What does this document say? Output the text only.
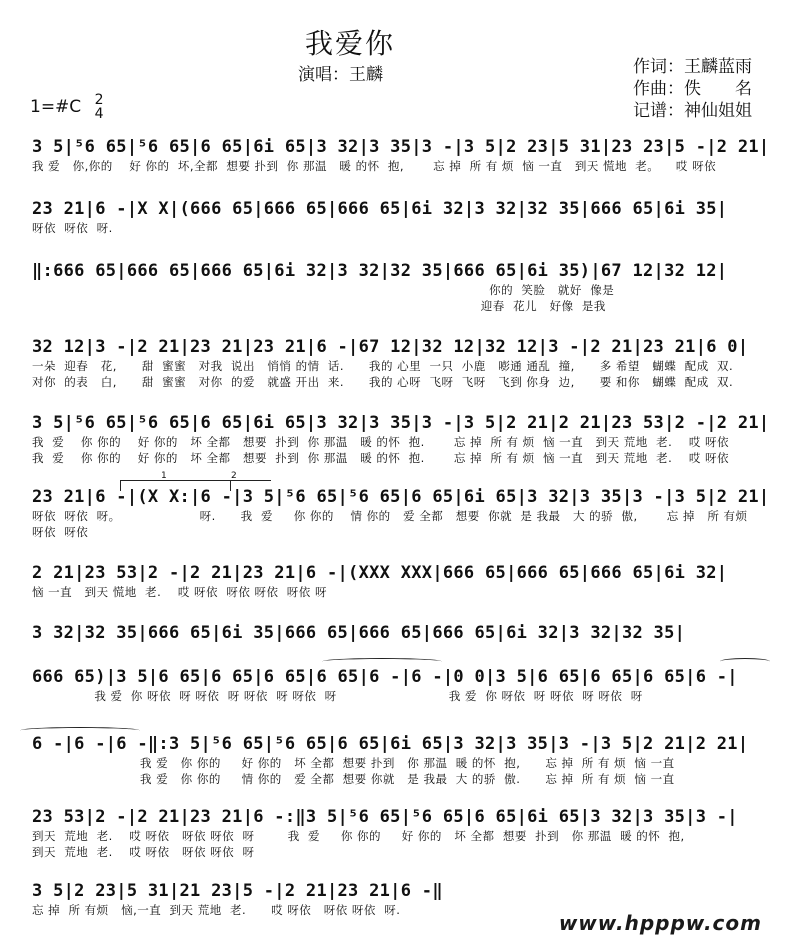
我爱你
演唱：王麟	作词：王麟蓝雨
作曲：佚　　名
记谱：神仙姐姐
1=#C 2
4
3 5|⁵6 65|⁵6 65|6 65|6i 65|3 32|3 35|3 -|3 5|2 23|5 31|23 23|5 -|2 21|
我 爱   你,你的    好 你的  坏,全都  想要 扑到  你 那温   暖 的怀  抱,       忘 掉  所 有 烦  恼 一直   到天 慌地  老。    哎 呀依
23 21|6 -|X X|(666 65|666 65|666 65|6i 32|3 32|32 35|666 65|6i 35|
呀依  呀依  呀.
‖:666 65|666 65|666 65|6i 32|3 32|32 35|666 65|6i 35)|67 12|32 12|
你的  笑脸   就好  像是
迎春  花儿   好像  是我
32 12|3 -|2 21|23 21|23 21|6 -|67 12|32 12|32 12|3 -|2 21|23 21|6 0|
一朵  迎春   花,      甜  蜜蜜   对我  说出   悄悄 的情  话.      我的 心里  一只  小鹿   嘭通 通乱  撞,      多 希望   蝴蝶  配成  双.
对你  的表   白,      甜  蜜蜜   对你  的爱   就盛 开出  来.      我的 心呀  飞呀  飞呀   飞到 你身  边,      要 和你   蝴蝶  配成  双.
3 5|⁵6 65|⁵6 65|6 65|6i 65|3 32|3 35|3 -|3 5|2 21|2 21|23 53|2 -|2 21|
我  爱    你 你的    好 你的   坏 全都   想要  扑到  你 那温   暖 的怀  抱.       忘 掉  所 有 烦  恼 一直   到天 荒地  老.    哎 呀依
我  爱    你 你的    好 你的   坏 全都   想要  扑到  你 那温   暖 的怀  抱.       忘 掉  所 有 烦  恼 一直   到天 荒地  老.    哎 呀依
23 21|6 -|(X X:|6 -|3 5|⁵6 65|⁵6 65|6 65|6i 65|3 32|3 35|3 -|3 5|2 21|
呀依  呀依  呀。                   呀.      我  爱     你 你的    情 你的   爱 全都   想要  你就  是 我最   大 的骄  傲,       忘 掉   所 有烦
呀依  呀依
2 21|23 53|2 -|2 21|23 21|6 -|(XXX XXX|666 65|666 65|666 65|6i 32|
恼 一直   到天 慌地  老.    哎 呀依  呀依 呀依  呀依 呀
3 32|32 35|666 65|6i 35|666 65|666 65|666 65|6i 32|3 32|32 35|
666 65)|3 5|6 65|6 65|6 65|6 65|6 -|6 -|0 0|3 5|6 65|6 65|6 65|6 -|
我 爱  你 呀依  呀 呀依  呀 呀依  呀 呀依  呀                           我 爱  你 呀依  呀 呀依  呀 呀依  呀
6 -|6 -|6 -‖:3 5|⁵6 65|⁵6 65|6 65|6i 65|3 32|3 35|3 -|3 5|2 21|2 21|
我 爱   你 你的     好 你的   坏 全都  想要 扑到   你 那温  暖 的怀  抱,      忘 掉  所 有 烦  恼 一直
我 爱   你 你的     情 你的   爱 全都  想要 你就   是 我最  大 的骄  傲.      忘 掉  所 有 烦  恼 一直
23 53|2 -|2 21|23 21|6 -:‖3 5|⁵6 65|⁵6 65|6 65|6i 65|3 32|3 35|3 -|
到天  荒地  老.    哎 呀依   呀依 呀依  呀        我  爱     你 你的     好 你的   坏 全都  想要  扑到   你 那温  暖 的怀  抱,
到天  荒地  老.    哎 呀依   呀依 呀依  呀
3 5|2 23|5 31|21 23|5 -|2 21|23 21|6 -‖
忘 掉  所 有烦   恼,一直  到天 荒地  老.      哎 呀依   呀依 呀依  呀.
1	2
www.hpppw.com
